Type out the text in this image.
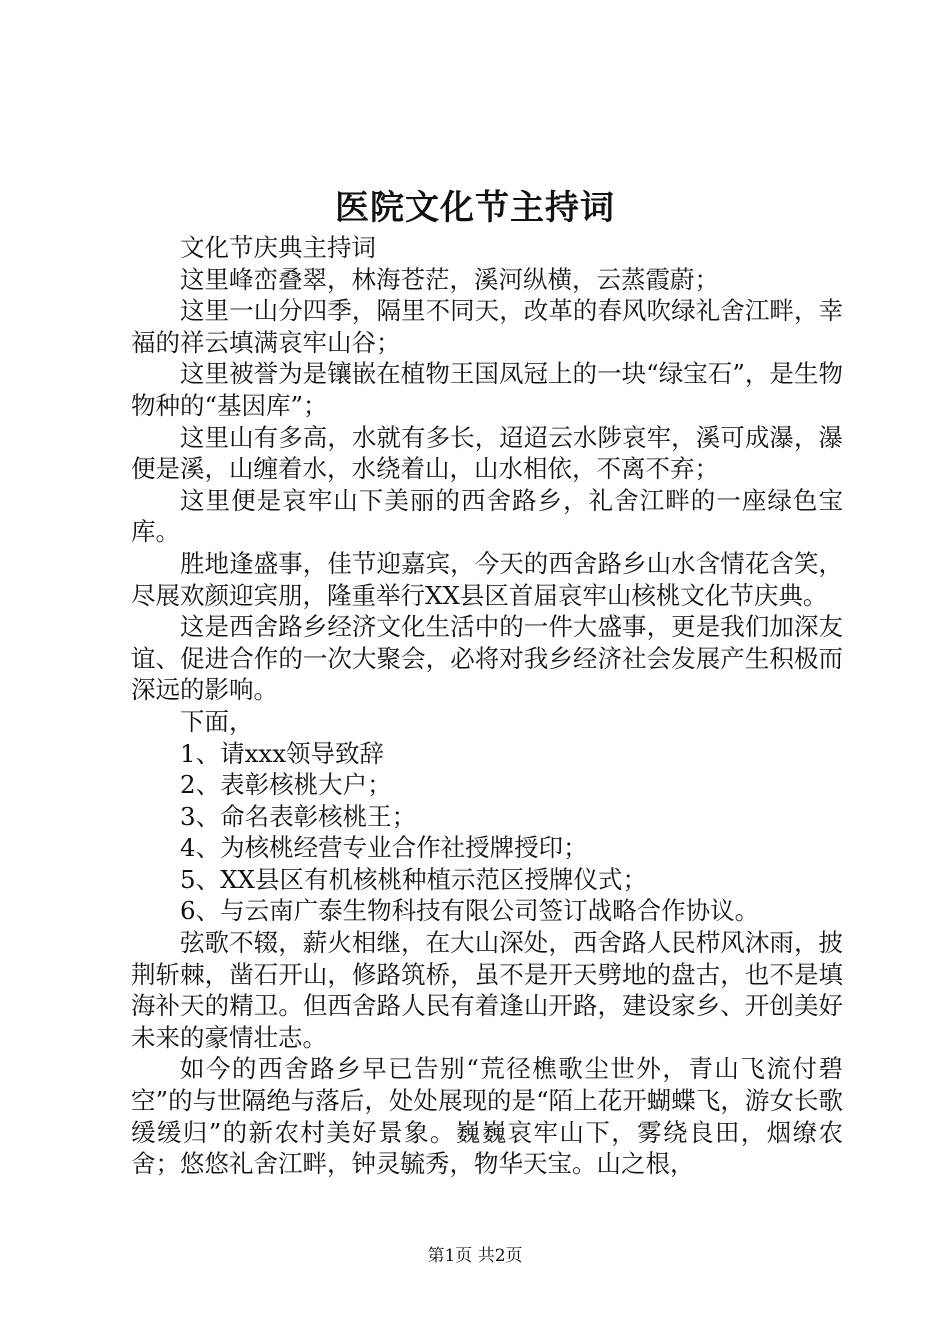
医院文化节主持词

文化节庆典主持词

这里峰峦叠翠，林海苍茫，溪河纵横，云蒸霞蔚；

这里一山分四季，隔里不同天，改革的春风吹绿礼舍江畔，幸福的祥云填满哀牢山谷；

这里被誉为是镶嵌在植物王国凤冠上的一块“绿宝石”，是生物物种的“基因库”；

这里山有多高，水就有多长，迢迢云水陟哀牢，溪可成瀑，瀑便是溪，山缠着水，水绕着山，山水相依，不离不弃；

这里便是哀牢山下美丽的西舍路乡，礼舍江畔的一座绿色宝库。

胜地逢盛事，佳节迎嘉宾，今天的西舍路乡山水含情花含笑，尽展欢颜迎宾朋，隆重举行XX县区首届哀牢山核桃文化节庆典。

这是西舍路乡经济文化生活中的一件大盛事，更是我们加深友谊、促进合作的一次大聚会，必将对我乡经济社会发展产生积极而深远的影响。

下面，

1、请xxx领导致辞

2、表彰核桃大户；

3、命名表彰核桃王；

4、为核桃经营专业合作社授牌授印；

5、XX县区有机核桃种植示范区授牌仪式；

6、与云南广泰生物科技有限公司签订战略合作协议。

弦歌不辍，薪火相继，在大山深处，西舍路人民栉风沐雨，披荆斩棘，凿石开山，修路筑桥，虽不是开天劈地的盘古，也不是填海补天的精卫。但西舍路人民有着逢山开路，建设家乡、开创美好未来的豪情壮志。

如今的西舍路乡早已告别“荒径樵歌尘世外，青山飞流付碧空”的与世隔绝与落后，处处展现的是“陌上花开蝴蝶飞，游女长歌缓缓归”的新农村美好景象。巍巍哀牢山下，雾绕良田，烟缭农舍；悠悠礼舍江畔，钟灵毓秀，物华天宝。山之根，

第1页 共2页
